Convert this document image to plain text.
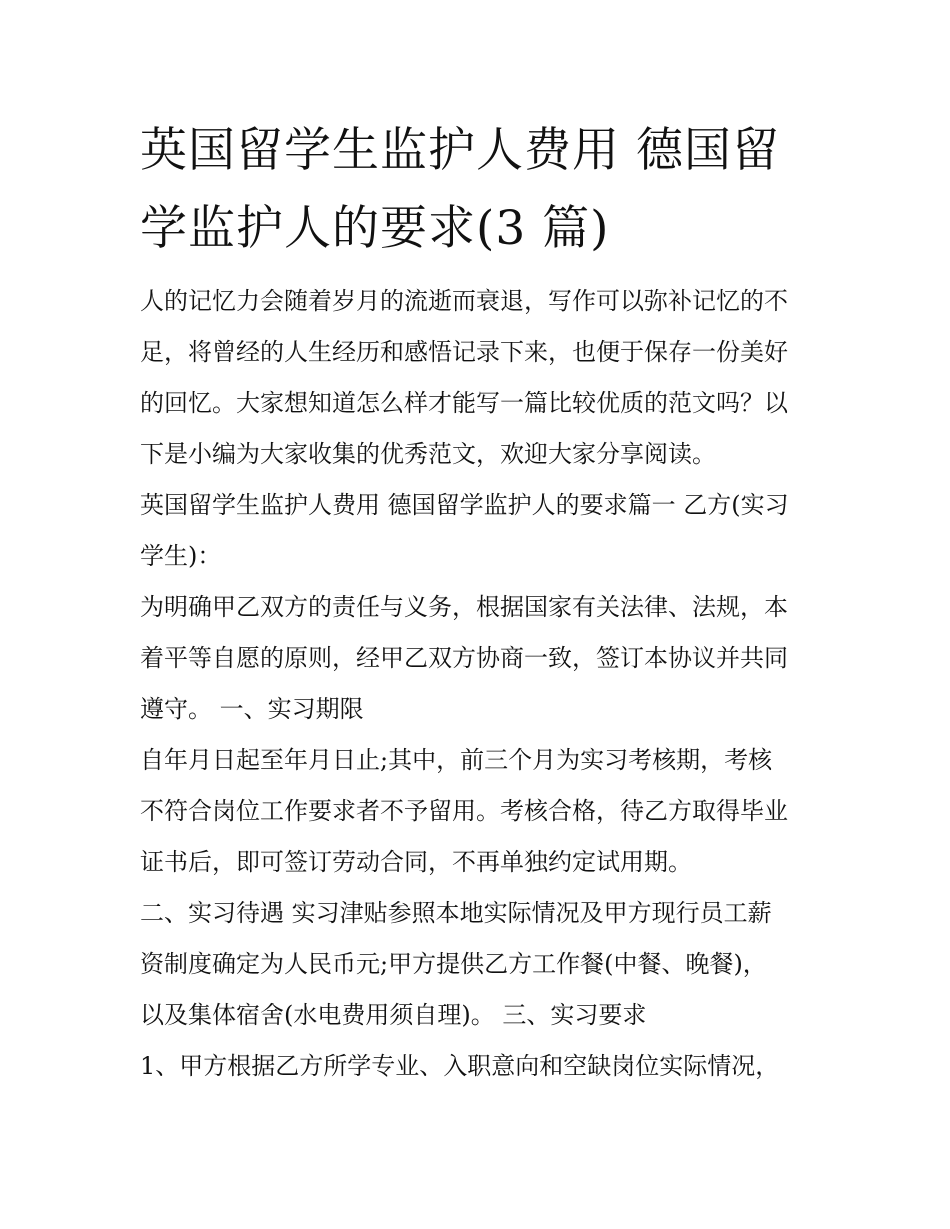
英国留学生监护人费用 德国留
学监护人的要求(3 篇)

人的记忆力会随着岁月的流逝而衰退，写作可以弥补记忆的不
足，将曾经的人生经历和感悟记录下来，也便于保存一份美好
的回忆。大家想知道怎么样才能写一篇比较优质的范文吗？以
下是小编为大家收集的优秀范文，欢迎大家分享阅读。

英国留学生监护人费用 德国留学监护人的要求篇一 乙方(实习
学生)：

为明确甲乙双方的责任与义务，根据国家有关法律、法规，本
着平等自愿的原则，经甲乙双方协商一致，签订本协议并共同
遵守。 一、实习期限

自年月日起至年月日止;其中，前三个月为实习考核期，考核
不符合岗位工作要求者不予留用。考核合格，待乙方取得毕业
证书后，即可签订劳动合同，不再单独约定试用期。

二、实习待遇 实习津贴参照本地实际情况及甲方现行员工薪
资制度确定为人民币元;甲方提供乙方工作餐(中餐、晚餐)，
以及集体宿舍(水电费用须自理)。 三、实习要求

1、甲方根据乙方所学专业、入职意向和空缺岗位实际情况，
